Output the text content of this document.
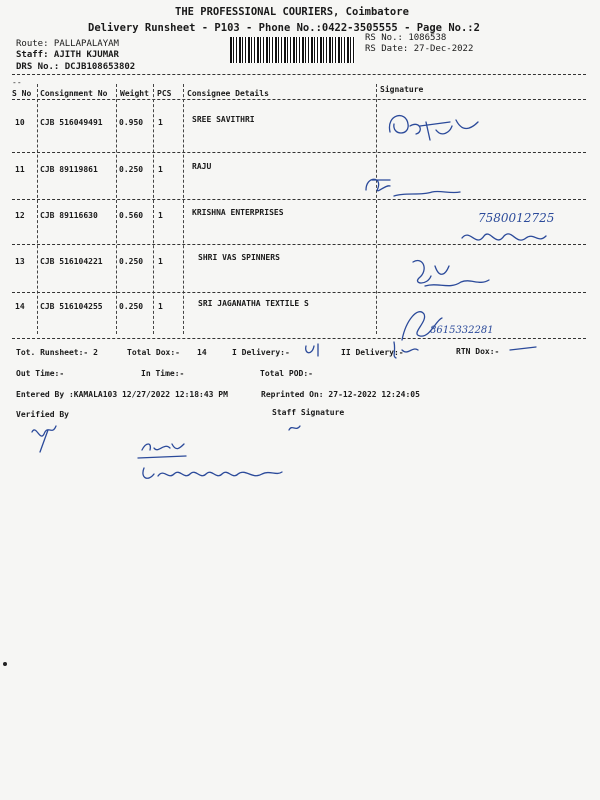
THE PROFESSIONAL COURIERS, Coimbatore
Delivery Runsheet - P103 - Phone No.:0422-3505555 - Page No.:2
Route: PALLAPALAYAM
Staff: AJITH KJUMAR
DRS No.: DCJB108653802
RS No.: 1086538
RS Date: 27-Dec-2022
--
S No Consignment No Weight PCS Consignee Details	Signature
10 CJB 516049491 0.950 1	SREE SAVITHRI
11 CJB 89119861	0.250 1	RAJU
12 CJB 89116630	0.560 1	KRISHNA ENTERPRISES
13 CJB 516104221 0.250 1	SHRI VAS SPINNERS
14 CJB 516104255 0.250 1	SRI JAGANATHA TEXTILE S
7580012725
8615332281
Tot. Runsheet:- 2	Total Dox:- 14	I Delivery:-	II Delivery:-	RTN Dox:-
Out Time:-	In Time:-	Total POD:-
Entered By :KAMALA103 12/27/2022 12:18:43 PM	Reprinted On: 27-12-2022 12:24:05
Verified By	Staff Signature
